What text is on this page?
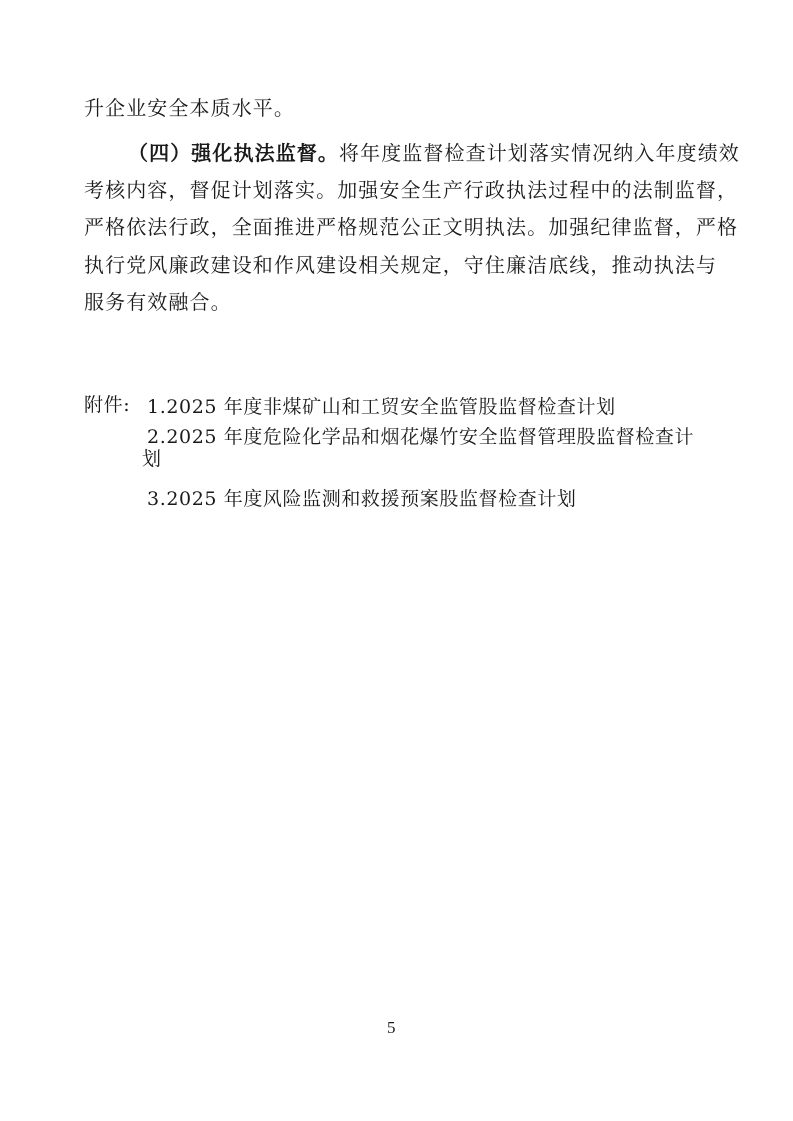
升企业安全本质水平。
（四）强化执法监督。将年度监督检查计划落实情况纳入年度绩效
考核内容，督促计划落实。加强安全生产行政执法过程中的法制监督，
严格依法行政，全面推进严格规范公正文明执法。加强纪律监督，严格
执行党风廉政建设和作风建设相关规定，守住廉洁底线，推动执法与
服务有效融合。
附件: 1.2025 年度非煤矿山和工贸安全监管股监督检查计划
2.2025 年度危险化学品和烟花爆竹安全监督管理股监督检查计
划
3.2025 年度风险监测和救援预案股监督检查计划
5
